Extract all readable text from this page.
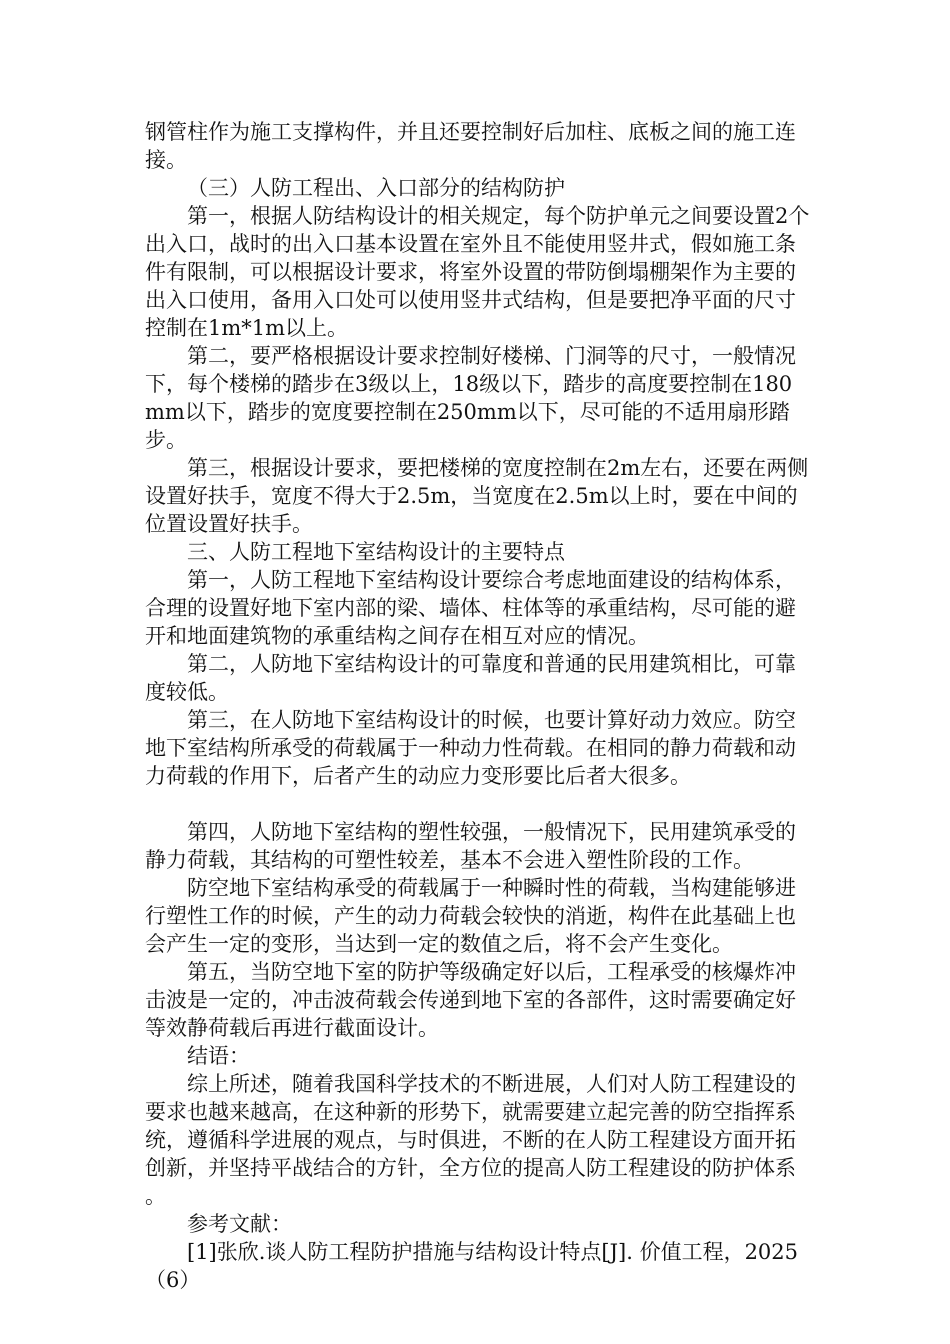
钢管柱作为施工支撑构件，并且还要控制好后加柱、底板之间的施工连接。

（三）人防工程出、入口部分的结构防护

第一，根据人防结构设计的相关规定，每个防护单元之间要设置2个出入口，战时的出入口基本设置在室外且不能使用竖井式，假如施工条件有限制，可以根据设计要求，将室外设置的带防倒塌棚架作为主要的出入口使用，备用入口处可以使用竖井式结构，但是要把净平面的尺寸控制在1m*1m以上。

第二，要严格根据设计要求控制好楼梯、门洞等的尺寸，一般情况下，每个楼梯的踏步在3级以上，18级以下，踏步的高度要控制在180mm以下，踏步的宽度要控制在250mm以下，尽可能的不适用扇形踏步。

第三，根据设计要求，要把楼梯的宽度控制在2m左右，还要在两侧设置好扶手，宽度不得大于2.5m，当宽度在2.5m以上时，要在中间的位置设置好扶手。

三、人防工程地下室结构设计的主要特点

第一，人防工程地下室结构设计要综合考虑地面建设的结构体系，合理的设置好地下室内部的梁、墙体、柱体等的承重结构，尽可能的避开和地面建筑物的承重结构之间存在相互对应的情况。

第二，人防地下室结构设计的可靠度和普通的民用建筑相比，可靠度较低。

第三，在人防地下室结构设计的时候，也要计算好动力效应。防空地下室结构所承受的荷载属于一种动力性荷载。在相同的静力荷载和动力荷载的作用下，后者产生的动应力变形要比后者大很多。

第四，人防地下室结构的塑性较强，一般情况下，民用建筑承受的静力荷载，其结构的可塑性较差，基本不会进入塑性阶段的工作。

防空地下室结构承受的荷载属于一种瞬时性的荷载，当构建能够进行塑性工作的时候，产生的动力荷载会较快的消逝，构件在此基础上也会产生一定的变形，当达到一定的数值之后，将不会产生变化。

第五，当防空地下室的防护等级确定好以后，工程承受的核爆炸冲击波是一定的，冲击波荷载会传递到地下室的各部件，这时需要确定好等效静荷载后再进行截面设计。

结语：

综上所述，随着我国科学技术的不断进展，人们对人防工程建设的要求也越来越高，在这种新的形势下，就需要建立起完善的防空指挥系统，遵循科学进展的观点，与时俱进，不断的在人防工程建设方面开拓创新，并坚持平战结合的方针，全方位的提高人防工程建设的防护体系。

参考文献：

[1]张欣.谈人防工程防护措施与结构设计特点[J]. 价值工程，2025（6）
